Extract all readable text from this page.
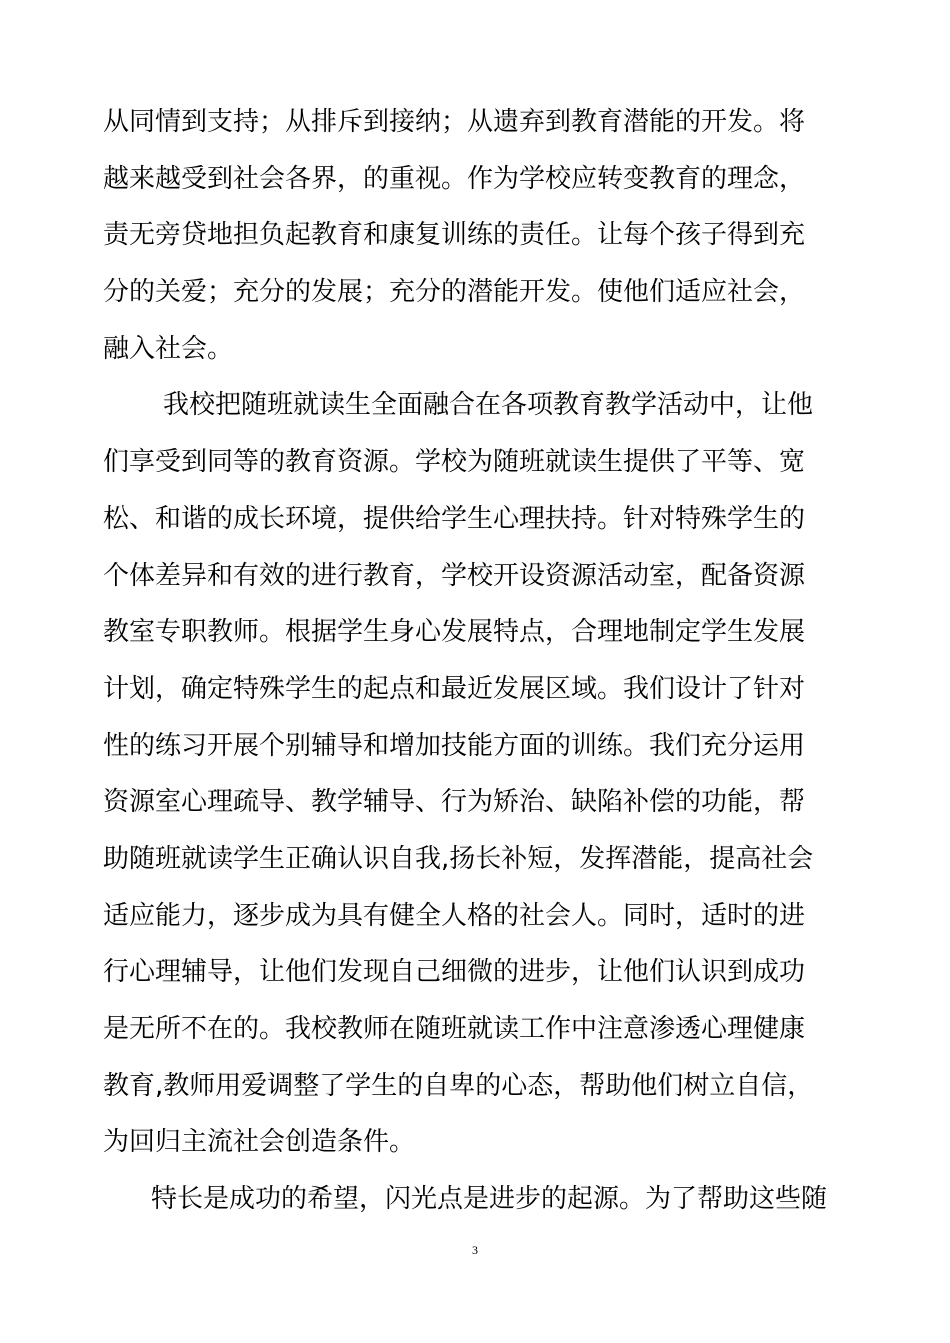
从同情到支持；从排斥到接纳；从遗弃到教育潜能的开发。将
越来越受到社会各界，的重视。作为学校应转变教育的理念，
责无旁贷地担负起教育和康复训练的责任。让每个孩子得到充
分的关爱；充分的发展；充分的潜能开发。使他们适应社会，
融入社会。
我校把随班就读生全面融合在各项教育教学活动中，让他
们享受到同等的教育资源。学校为随班就读生提供了平等、宽
松、和谐的成长环境，提供给学生心理扶持。针对特殊学生的
个体差异和有效的进行教育，学校开设资源活动室，配备资源
教室专职教师。根据学生身心发展特点，合理地制定学生发展
计划，确定特殊学生的起点和最近发展区域。我们设计了针对
性的练习开展个别辅导和增加技能方面的训练。我们充分运用
资源室心理疏导、教学辅导、行为矫治、缺陷补偿的功能，帮
助随班就读学生正确认识自我,扬长补短，发挥潜能，提高社会
适应能力，逐步成为具有健全人格的社会人。同时，适时的进
行心理辅导，让他们发现自己细微的进步，让他们认识到成功
是无所不在的。我校教师在随班就读工作中注意渗透心理健康
教育,教师用爱调整了学生的自卑的心态，帮助他们树立自信，
为回归主流社会创造条件。
特长是成功的希望，闪光点是进步的起源。为了帮助这些随
3
